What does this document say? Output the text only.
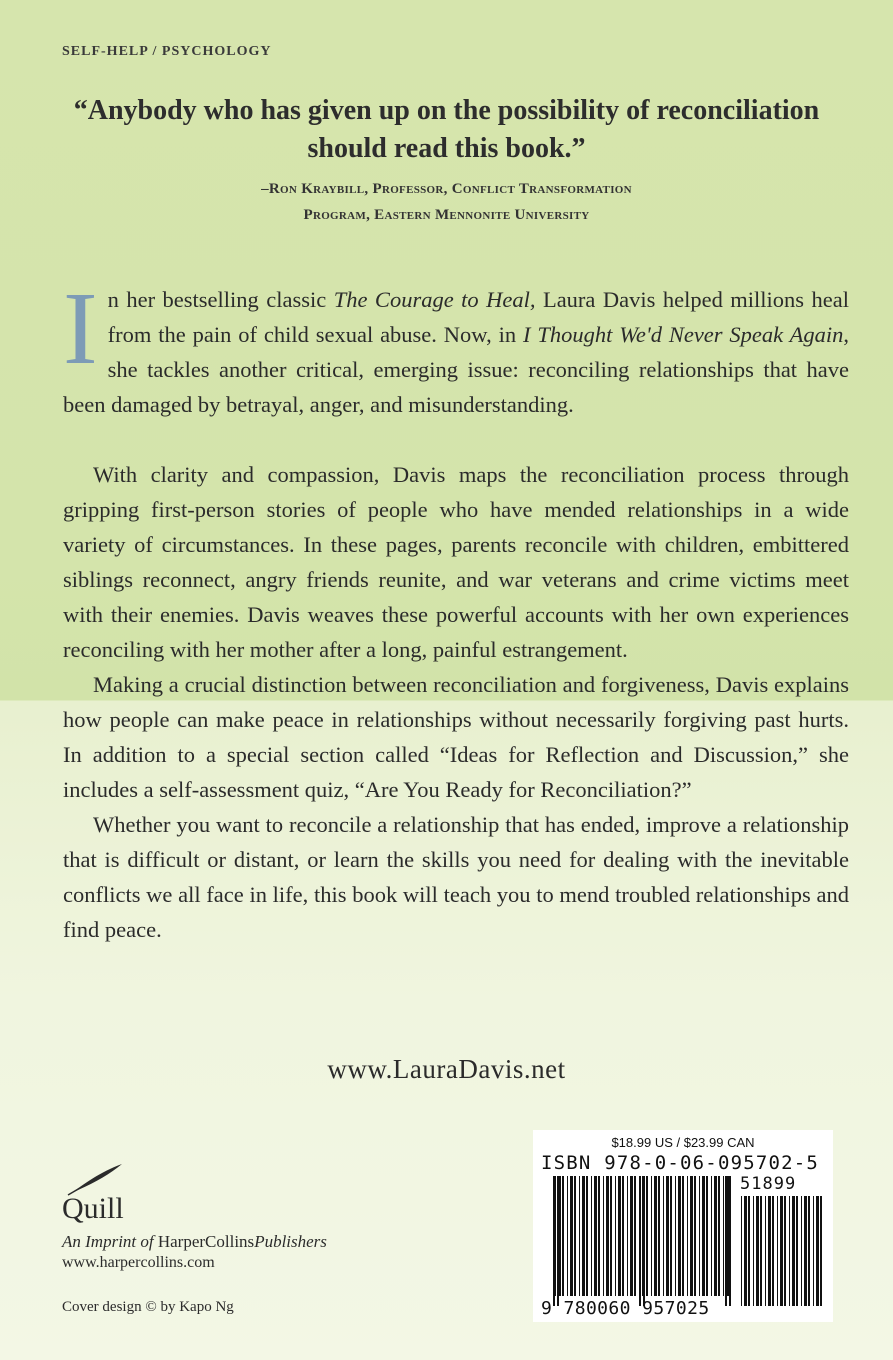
SELF-HELP / PSYCHOLOGY
“Anybody who has given up on the possibility of reconciliation should read this book.”
–Ron Kraybill, Professor, Conflict Transformation
Program, Eastern Mennonite University

In her bestselling classic The Courage to Heal, Laura Davis helped millions heal from the pain of child sexual abuse. Now, in I Thought We'd Never Speak Again, she tackles another critical, emerging issue: reconciling relationships that have been damaged by betrayal, anger, and misunderstanding.

With clarity and compassion, Davis maps the reconciliation process through gripping first-person stories of people who have mended relationships in a wide variety of circumstances. In these pages, parents reconcile with children, embittered siblings reconnect, angry friends reunite, and war veterans and crime victims meet with their enemies. Davis weaves these powerful accounts with her own experiences reconciling with her mother after a long, painful estrangement.

Making a crucial distinction between reconciliation and forgiveness, Davis explains how people can make peace in relationships without necessarily forgiving past hurts. In addition to a special section called “Ideas for Reflection and Discussion,” she includes a self-assessment quiz, “Are You Ready for Reconciliation?”

Whether you want to reconcile a relationship that has ended, improve a relationship that is difficult or distant, or learn the skills you need for dealing with the inevitable conflicts we all face in life, this book will teach you to mend troubled relationships and find peace.

www.LauraDavis.net
Quill
An Imprint of HarperCollinsPublishers
www.harpercollins.com
Cover design © by Kapo Ng
$18.99 US / $23.99 CAN
ISBN 978-0-06-095702-5
51899
9 780060 957025
